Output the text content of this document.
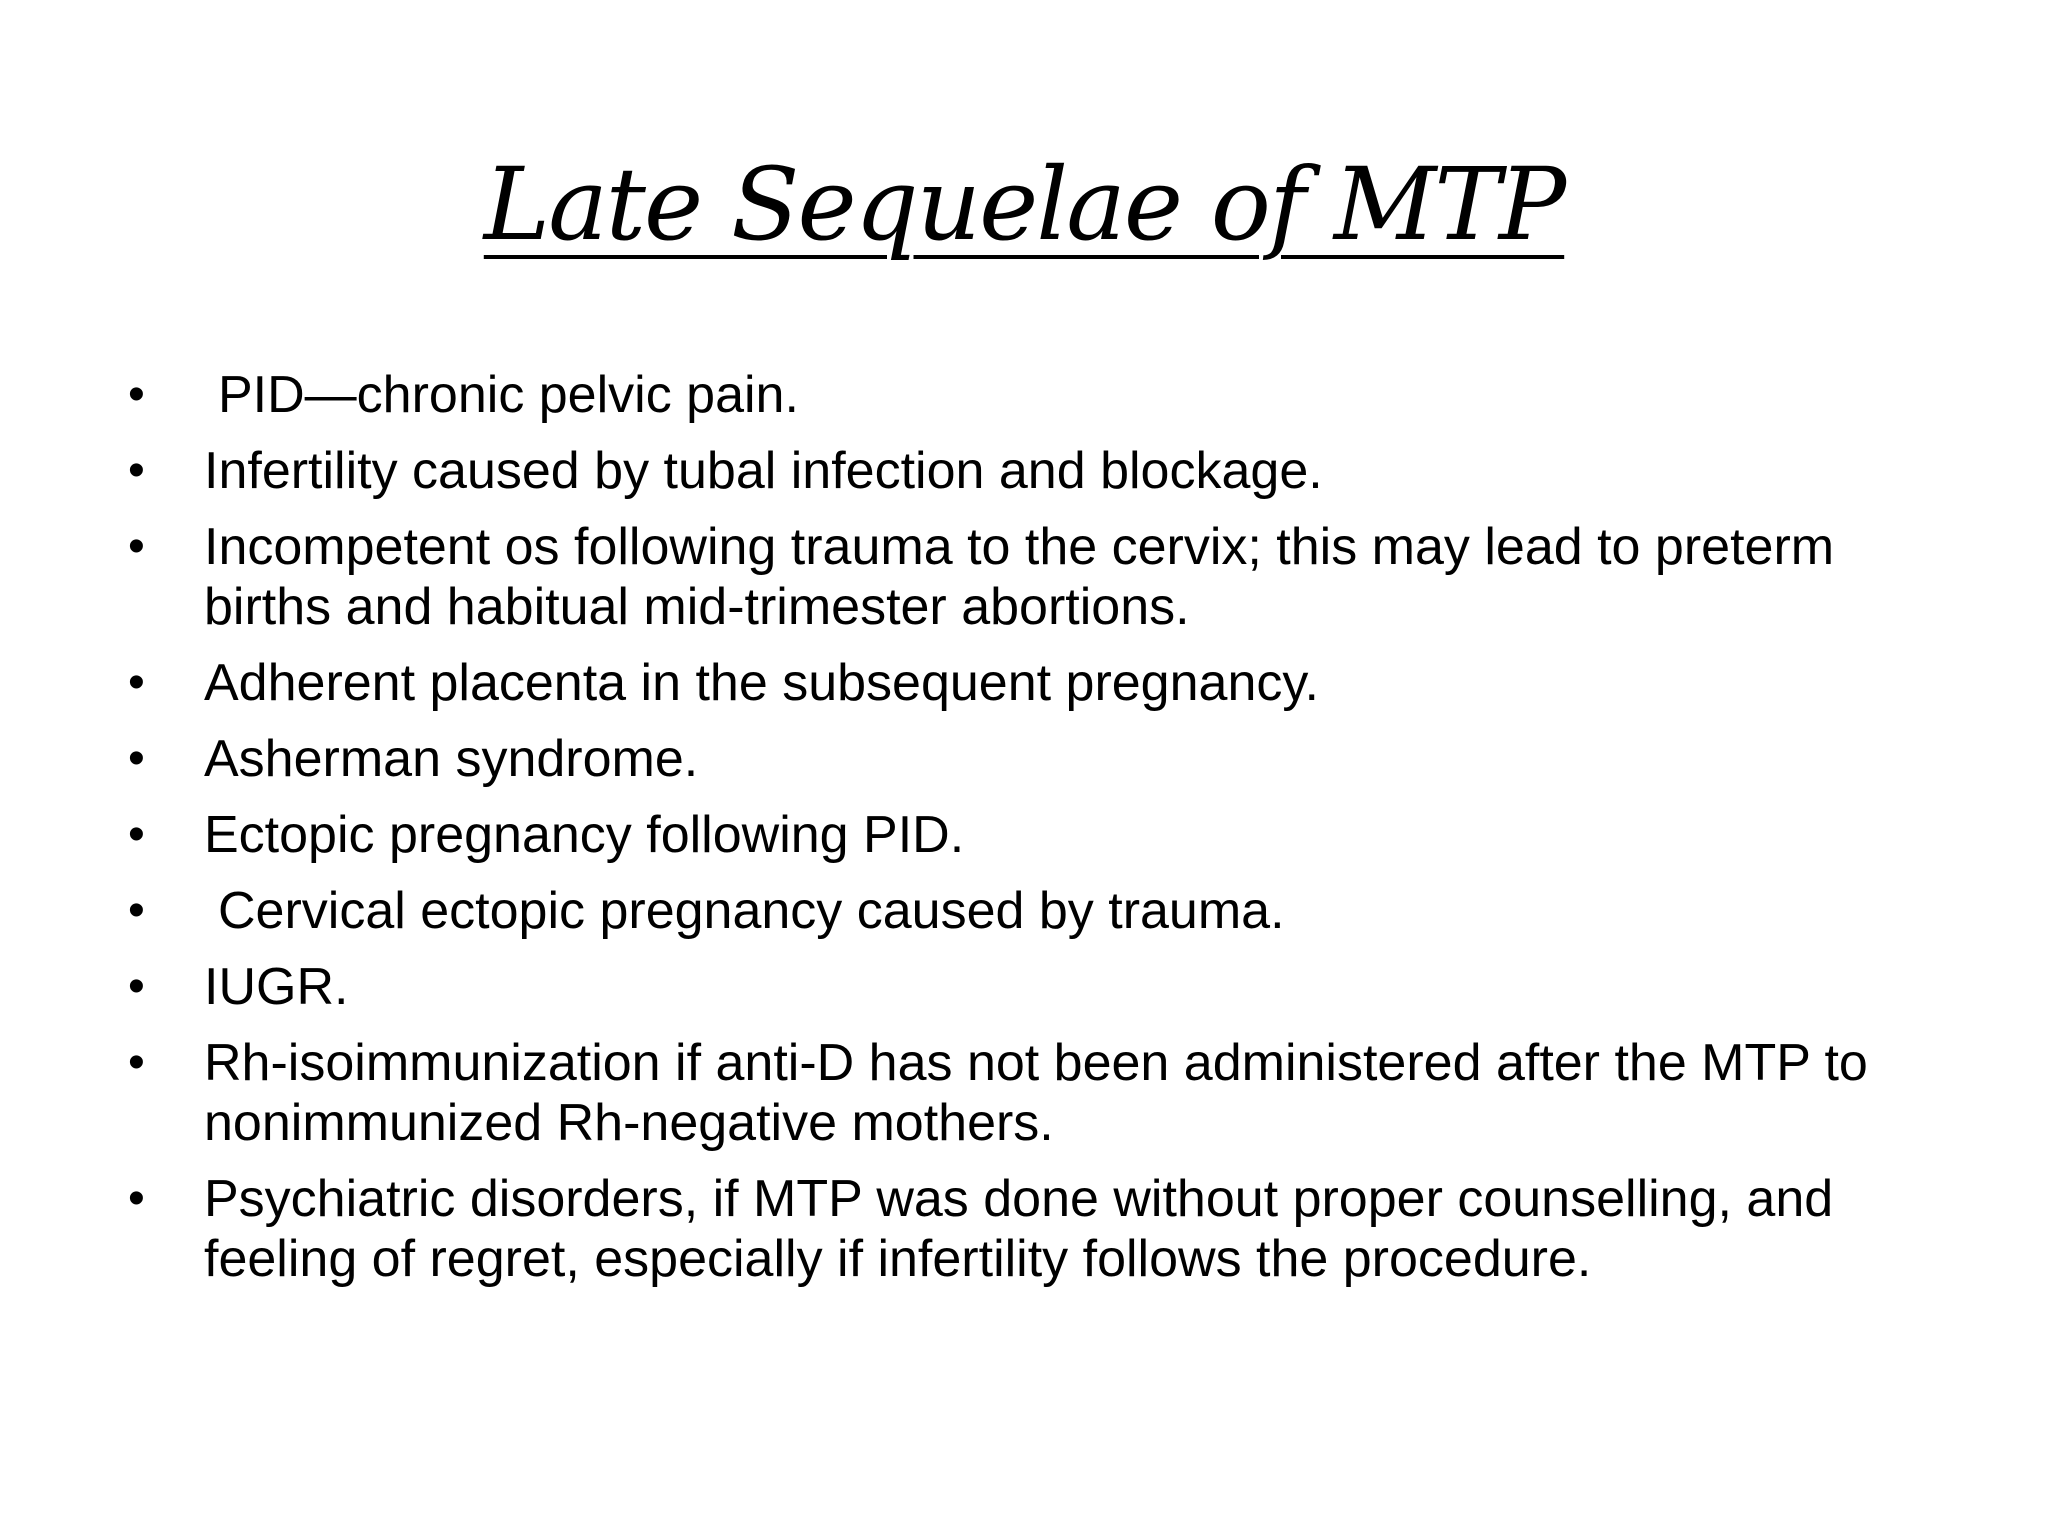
Late Sequelae of MTP
• PID—chronic pelvic pain.
• Infertility caused by tubal infection and blockage.
• Incompetent os following trauma to the cervix; this may lead to preterm births and habitual mid-trimester abortions.
• Adherent placenta in the subsequent pregnancy.
• Asherman syndrome.
• Ectopic pregnancy following PID.
• Cervical ectopic pregnancy caused by trauma.
• IUGR.
• Rh-isoimmunization if anti-D has not been administered after the MTP to nonimmunized Rh-negative mothers.
• Psychiatric disorders, if MTP was done without proper counselling, and feeling of regret, especially if infertility follows the procedure.
